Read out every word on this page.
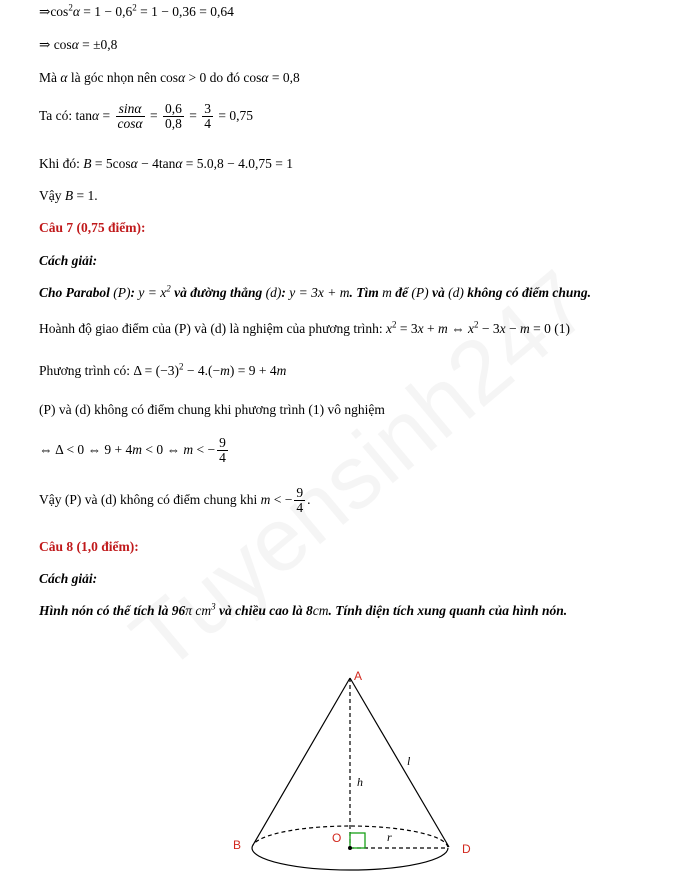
$\Rightarrow\cos^2\alpha = 1 - 0,6^2 = 1 - 0,36 = 0,64$
⇒ cosα = ±0,8
Mà α là góc nhọn nên cosα > 0 do đó cosα = 0,8
Ta có: $\tan\alpha = \frac{\sin\alpha}{\cos\alpha} = \frac{0,6}{0,8} = \frac{3}{4} = 0,75$
Khi đó: B = 5cosα − 4tanα = 5.0,8 − 4.0,75 = 1
Vậy B = 1.
Câu 7 (0,75 điểm):
Cách giải:
Cho Parabol (P): $y = x^2$ và đường thẳng (d): y = 3x + m. Tìm m để (P) và (d) không có điểm chung.
Hoành độ giao điểm của (P) và (d) là nghiệm của phương trình: $x^2 = 3x + m$ ⇔ $x^2 - 3x - m = 0$ (1)
Phương trình có: $\Delta = (-3)^2 - 4.(-m) = 9 + 4m$
(P) và (d) không có điểm chung khi phương trình (1) vô nghiệm
⇔ Δ < 0 ⇔ 9 + 4m < 0 ⇔ m < − $\frac{9}{4}$
Vậy (P) và (d) không có điểm chung khi m < − $\frac{9}{4}$ .
Câu 8 (1,0 điểm):
Cách giải:
Hình nón có thể tích là 96π $cm^3$ và chiều cao là 8cm. Tính diện tích xung quanh của hình nón.
A
B	D
O
h
l
r
